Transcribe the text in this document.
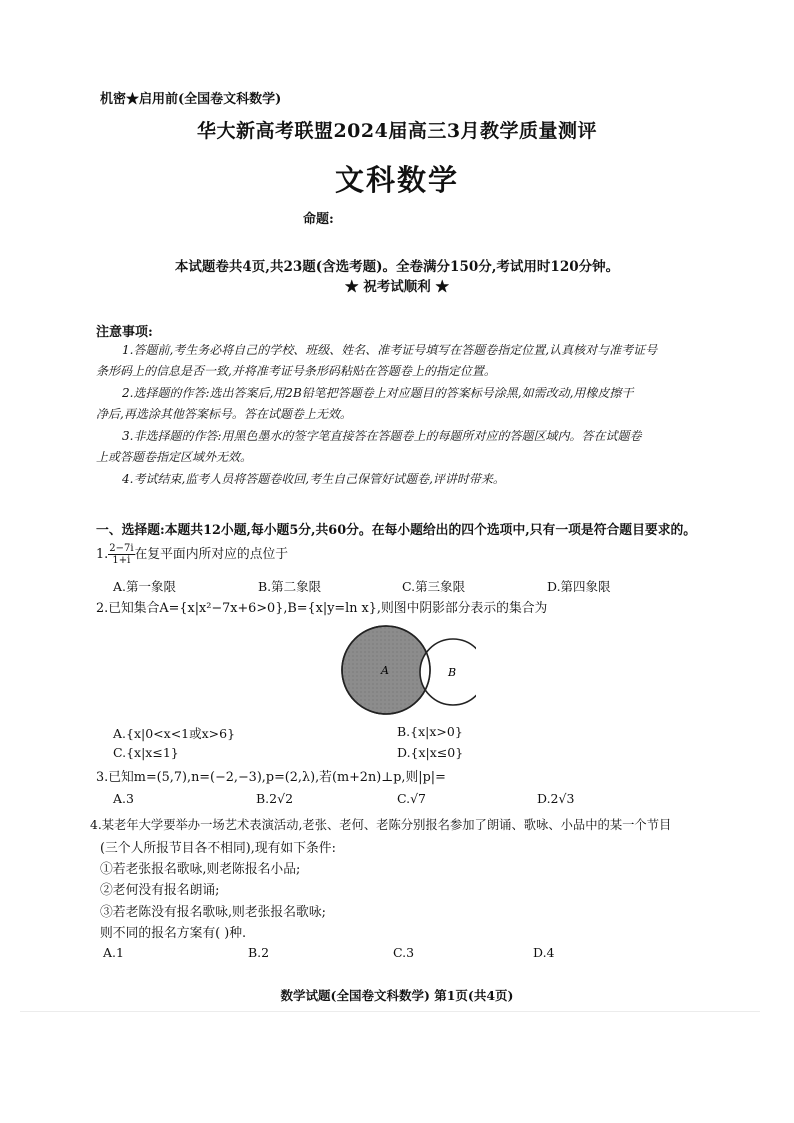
机密★启用前(全国卷文科数学)
华大新高考联盟2024届高三3月教学质量测评
文科数学
命题:
本试题卷共4页,共23题(含选考题)。全卷满分150分,考试用时120分钟。
★ 祝考试顺利 ★
注意事项:
1.答题前,考生务必将自己的学校、班级、姓名、准考证号填写在答题卷指定位置,认真核对与准考证号
条形码上的信息是否一致,并将准考证号条形码粘贴在答题卷上的指定位置。
2.选择题的作答:选出答案后,用2B铅笔把答题卷上对应题目的答案标号涂黑,如需改动,用橡皮擦干
净后,再选涂其他答案标号。答在试题卷上无效。
3.非选择题的作答:用黑色墨水的签字笔直接答在答题卷上的每题所对应的答题区域内。答在试题卷
上或答题卷指定区域外无效。
4.考试结束,监考人员将答题卷收回,考生自己保管好试题卷,评讲时带来。
一、选择题:本题共12小题,每小题5分,共60分。在每小题给出的四个选项中,只有一项是符合题目要求的。
1. $\frac{2-7i}{1+i}$ 在复平面内所对应的点位于
A.第一象限	B.第二象限	C.第三象限	D.第四象限
2.已知集合A={x|x²−7x+6>0},B={x|y=ln x},则图中阴影部分表示的集合为
A	B
A.{x|0<x<1或x>6}	B.{x|x>0}
C.{x|x≤1}	D.{x|x≤0}
3.已知m=(5,7),n=(−2,−3),p=(2,λ),若(m+2n)⊥p,则|p|=
A.3	B.2√2	C.√7	D.2√3
4.某老年大学要举办一场艺术表演活动,老张、老何、老陈分别报名参加了朗诵、歌咏、小品中的某一个节目
(三个人所报节目各不相同),现有如下条件:
①若老张报名歌咏,则老陈报名小品;
②老何没有报名朗诵;
③若老陈没有报名歌咏,则老张报名歌咏;
则不同的报名方案有( )种.
A.1	B.2	C.3	D.4
数学试题(全国卷文科数学) 第1页(共4页)
